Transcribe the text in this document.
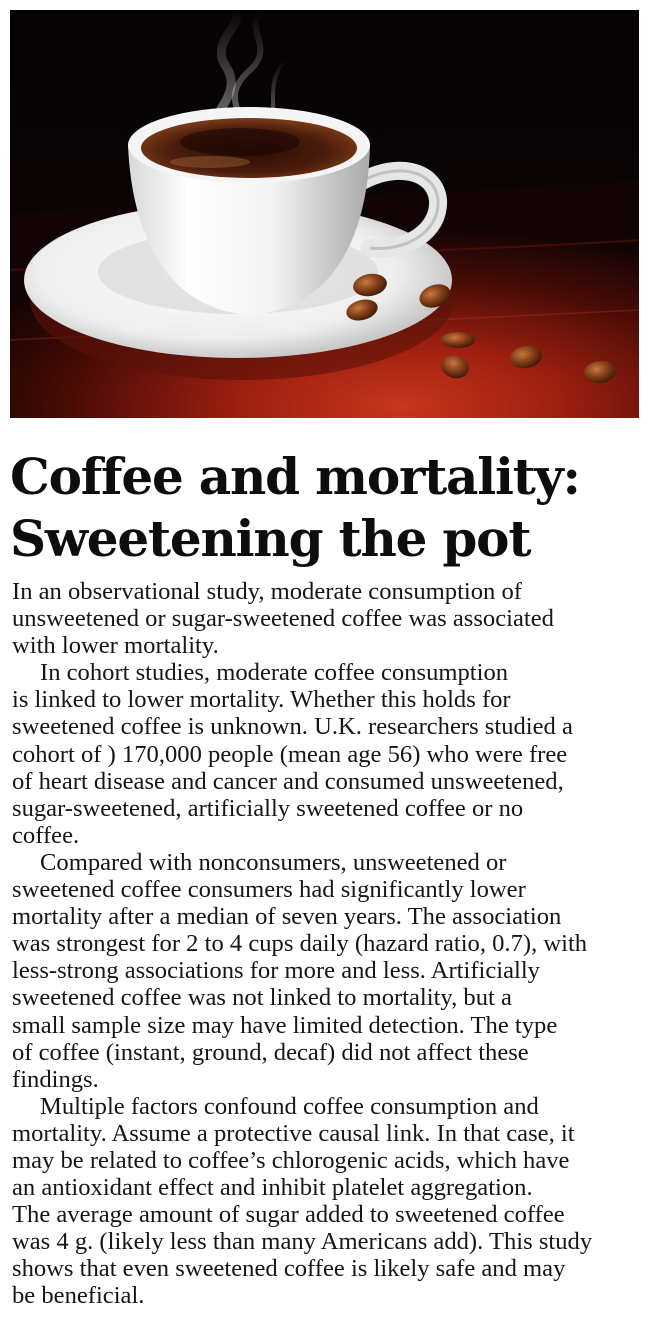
Coffee and mortality:
Sweetening the pot

In an observational study, moderate consumption of
unsweetened or sugar-sweetened coffee was associated
with lower mortality.

In cohort studies, moderate coffee consumption
is linked to lower mortality. Whether this holds for
sweetened coffee is unknown. U.K. researchers studied a
cohort of ) 170,000 people (mean age 56) who were free
of heart disease and cancer and consumed unsweetened,
sugar-sweetened, artificially sweetened coffee or no
coffee.

Compared with nonconsumers, unsweetened or
sweetened coffee consumers had significantly lower
mortality after a median of seven years. The association
was strongest for 2 to 4 cups daily (hazard ratio, 0.7), with
less-strong associations for more and less. Artificially
sweetened coffee was not linked to mortality, but a
small sample size may have limited detection. The type
of coffee (instant, ground, decaf) did not affect these
findings.

Multiple factors confound coffee consumption and
mortality. Assume a protective causal link. In that case, it
may be related to coffee’s chlorogenic acids, which have
an antioxidant effect and inhibit platelet aggregation.
The average amount of sugar added to sweetened coffee
was 4 g. (likely less than many Americans add). This study
shows that even sweetened coffee is likely safe and may
be beneficial.
